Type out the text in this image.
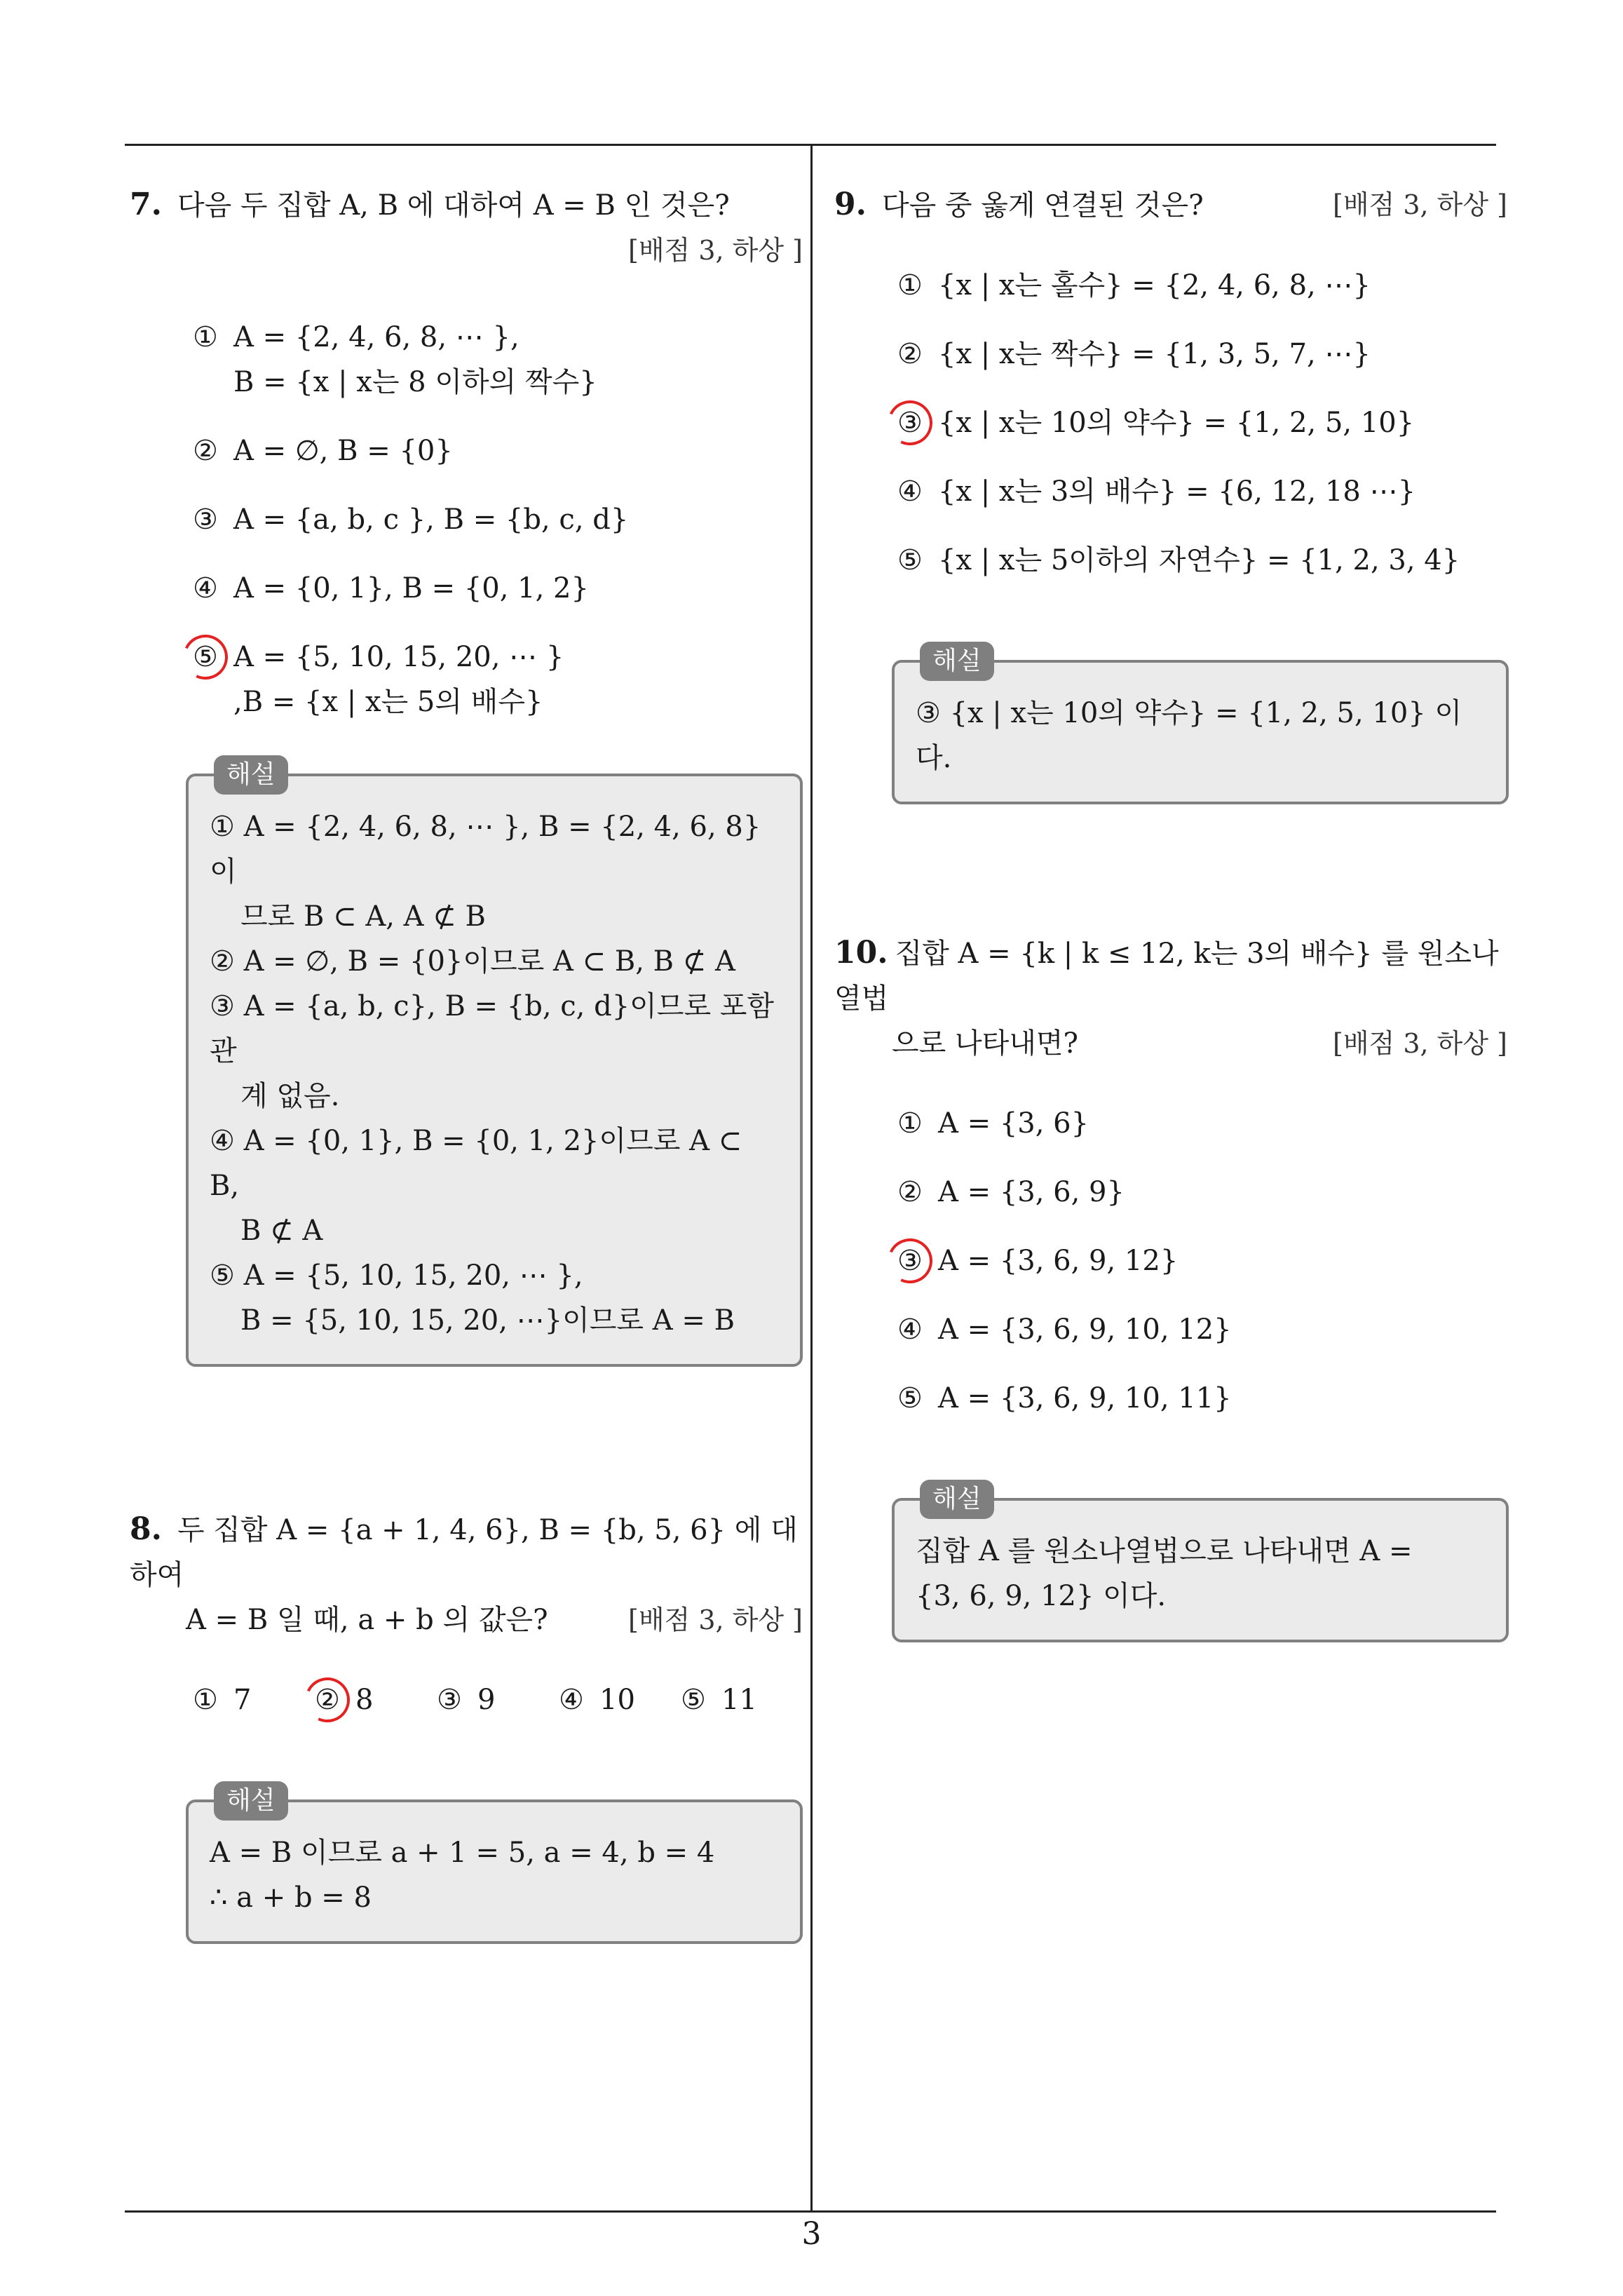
7. 다음 두 집합 A, B 에 대하여 A = B 인 것은?
[배점 3, 하상 ]
① A = {2, 4, 6, 8, ⋯ },
B = {x | x는 8 이하의 짝수}
② A = ∅, B = {0}
③ A = {a, b, c }, B = {b, c, d}
④ A = {0, 1}, B = {0, 1, 2}
⑤ A = {5, 10, 15, 20, ⋯ }
,B = {x | x는 5의 배수}
해설
① A = {2, 4, 6, 8, ⋯ }, B = {2, 4, 6, 8}이
므로 B ⊂ A, A ⊄ B
② A = ∅, B = {0}이므로 A ⊂ B, B ⊄ A
③ A = {a, b, c}, B = {b, c, d}이므로 포함 관
계 없음.
④ A = {0, 1}, B = {0, 1, 2}이므로 A ⊂ B,
B ⊄ A
⑤ A = {5, 10, 15, 20, ⋯ },
B = {5, 10, 15, 20, ⋯}이므로 A = B
8. 두 집합 A = {a + 1, 4, 6}, B = {b, 5, 6} 에 대하여
A = B 일 때, a + b 의 값은?	[배점 3, 하상 ]
① 7	② 8	③ 9	④ 10	⑤ 11
해설
A = B 이므로 a + 1 = 5, a = 4, b = 4
∴ a + b = 8
9. 다음 중 옳게 연결된 것은?	[배점 3, 하상 ]
① {x | x는 홀수} = {2, 4, 6, 8, ⋯}
② {x | x는 짝수} = {1, 3, 5, 7, ⋯}
③ {x | x는 10의 약수} = {1, 2, 5, 10}
④ {x | x는 3의 배수} = {6, 12, 18 ⋯}
⑤ {x | x는 5이하의 자연수} = {1, 2, 3, 4}
해설
③ {x | x는 10의 약수} = {1, 2, 5, 10} 이다.
10. 집합 A = {k | k ≤ 12, k는 3의 배수} 를 원소나열법
으로 나타내면?	[배점 3, 하상 ]
① A = {3, 6}
② A = {3, 6, 9}
③ A = {3, 6, 9, 12}
④ A = {3, 6, 9, 10, 12}
⑤ A = {3, 6, 9, 10, 11}
해설
집합 A 를 원소나열법으로 나타내면 A =
{3, 6, 9, 12} 이다.
3
